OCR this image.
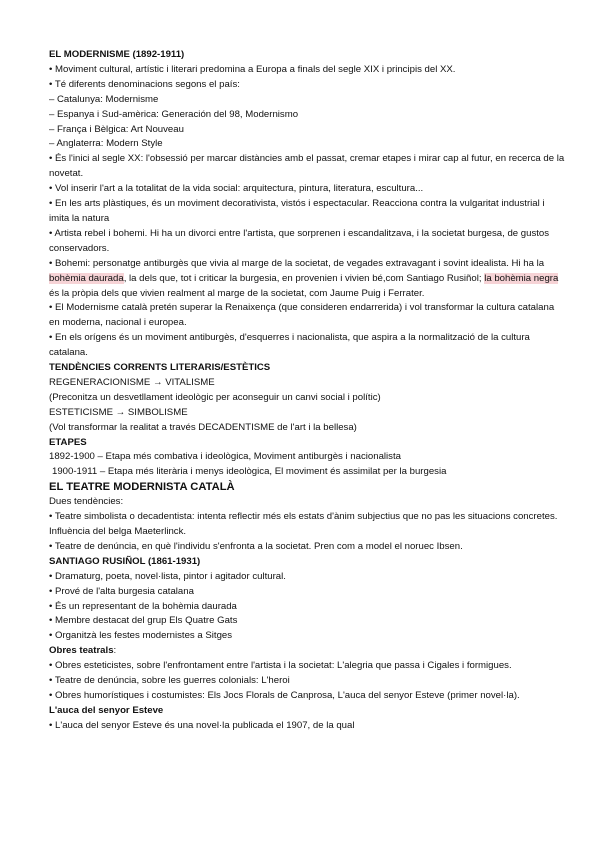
EL MODERNISME (1892-1911)

• Moviment cultural, artístic i literari predomina a Europa a finals del segle XIX i principis del XX.

• Té diferents denominacions segons el país:

– Catalunya: Modernisme

– Espanya i Sud-amèrica: Generación del 98, Modernismo

– França i Bèlgica: Art Nouveau

– Anglaterra: Modern Style

• És l'inici al segle XX: l'obsessió per marcar distàncies amb el passat, cremar etapes i mirar cap al futur, en recerca de la novetat.

• Vol inserir l'art a la totalitat de la vida social: arquitectura, pintura, literatura, escultura...

• En les arts plàstiques, és un moviment decorativista, vistós i espectacular. Reacciona contra la vulgaritat industrial i imita la natura

• Artista rebel i bohemi. Hi ha un divorci entre l'artista, que sorprenen i escandalitzava, i la societat burgesa, de gustos conservadors.

• Bohemi: personatge antiburgès que vivia al marge de la societat, de vegades extravagant i sovint idealista. Hi ha la bohèmia daurada, la dels que, tot i criticar la burgesia, en provenien i vivien bé,com Santiago Rusiñol; la bohèmia negra és la pròpia dels que vivien realment al marge de la societat, com Jaume Puig i Ferrater.

• El Modernisme català pretén superar la Renaixença (que consideren endarrerida) i vol transformar la cultura catalana en moderna, nacional i europea.

• En els orígens és un moviment antiburgès, d'esquerres i nacionalista, que aspira a la normalització de la cultura catalana.

TENDÈNCIES CORRENTS LITERARIS/ESTÈTICS

REGENERACIONISME → VITALISME

(Preconitza un desvetllament ideològic per aconseguir un canvi social i polític)

ESTETICISME → SIMBOLISME

(Vol transformar la realitat a través DECADENTISME de l'art i la bellesa)

ETAPES

1892-1900 – Etapa més combativa i ideològica, Moviment antiburgès i nacionalista

1900-1911 – Etapa més literària i menys ideològica, El moviment és assimilat per la burgesia

EL TEATRE MODERNISTA CATALÀ

Dues tendències:

• Teatre simbolista o decadentista: intenta reflectir més els estats d'ànim subjectius que no pas les situacions concretes. Influència del belga Maeterlinck.

• Teatre de denúncia, en què l'individu s'enfronta a la societat. Pren com a model el noruec Ibsen.

SANTIAGO RUSIÑOL (1861-1931)

• Dramaturg, poeta, novel·lista, pintor i agitador cultural.

• Prové de l'alta burgesia catalana

• És un representant de la bohèmia daurada

• Membre destacat del grup Els Quatre Gats

• Organitzà les festes modernistes a Sitges

Obres teatrals:

• Obres esteticistes, sobre l'enfrontament entre l'artista i la societat: L'alegria que passa i Cigales i formigues.

• Teatre de denúncia, sobre les guerres colonials: L'heroi

• Obres humorístiques i costumistes: Els Jocs Florals de Canprosa, L'auca del senyor Esteve (primer novel·la).

L'auca del senyor Esteve

• L'auca del senyor Esteve és una novel·la publicada el 1907, de la qual
